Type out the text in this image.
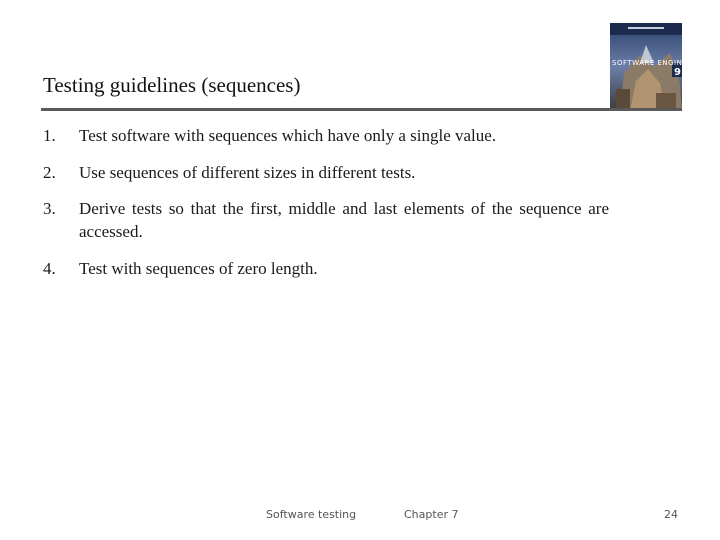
SOFTWARE ENGINEERING
9
Testing guidelines (sequences)
1.	Test software with sequences which have only a single value.
2.	Use sequences of different sizes in different tests.
3.	Derive tests so that the first, middle and last elements of the sequence are accessed.
4.	Test with sequences of zero length.
Software testing	Chapter 7	24
